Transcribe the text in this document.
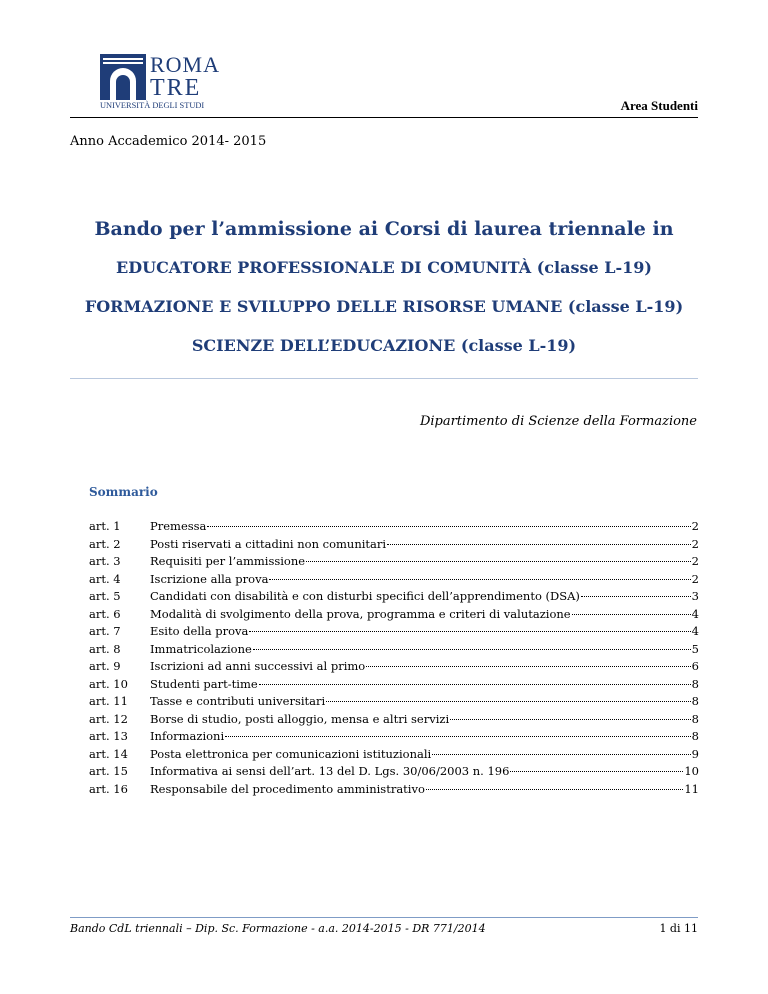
ROMA
TRE
UNIVERSITÀ DEGLI STUDI	Area Studenti
Anno Accademico 2014- 2015
Bando per l’ammissione ai Corsi di laurea triennale in
EDUCATORE PROFESSIONALE DI COMUNITÀ (classe L-19)
FORMAZIONE E SVILUPPO DELLE RISORSE UMANE (classe L-19)
SCIENZE DELL’EDUCAZIONE (classe L-19)
Dipartimento di Scienze della Formazione
Sommario
art. 1	Premessa	2
art. 2	Posti riservati a cittadini non comunitari	2
art. 3	Requisiti per l’ammissione	2
art. 4	Iscrizione alla prova	2
art. 5	Candidati con disabilità e con disturbi specifici dell’apprendimento (DSA)	3
art. 6	Modalità di svolgimento della prova, programma e criteri di valutazione	4
art. 7	Esito della prova	4
art. 8	Immatricolazione	5
art. 9	Iscrizioni ad anni successivi al primo	6
art. 10	Studenti part-time	8
art. 11	Tasse e contributi universitari	8
art. 12	Borse di studio, posti alloggio, mensa e altri servizi	8
art. 13	Informazioni	8
art. 14	Posta elettronica per comunicazioni istituzionali	9
art. 15	Informativa ai sensi dell’art. 13 del D. Lgs. 30/06/2003 n. 196	10
art. 16	Responsabile del procedimento amministrativo	11
Bando CdL triennali – Dip. Sc. Formazione - a.a. 2014-2015 - DR 771/2014	1 di 11
